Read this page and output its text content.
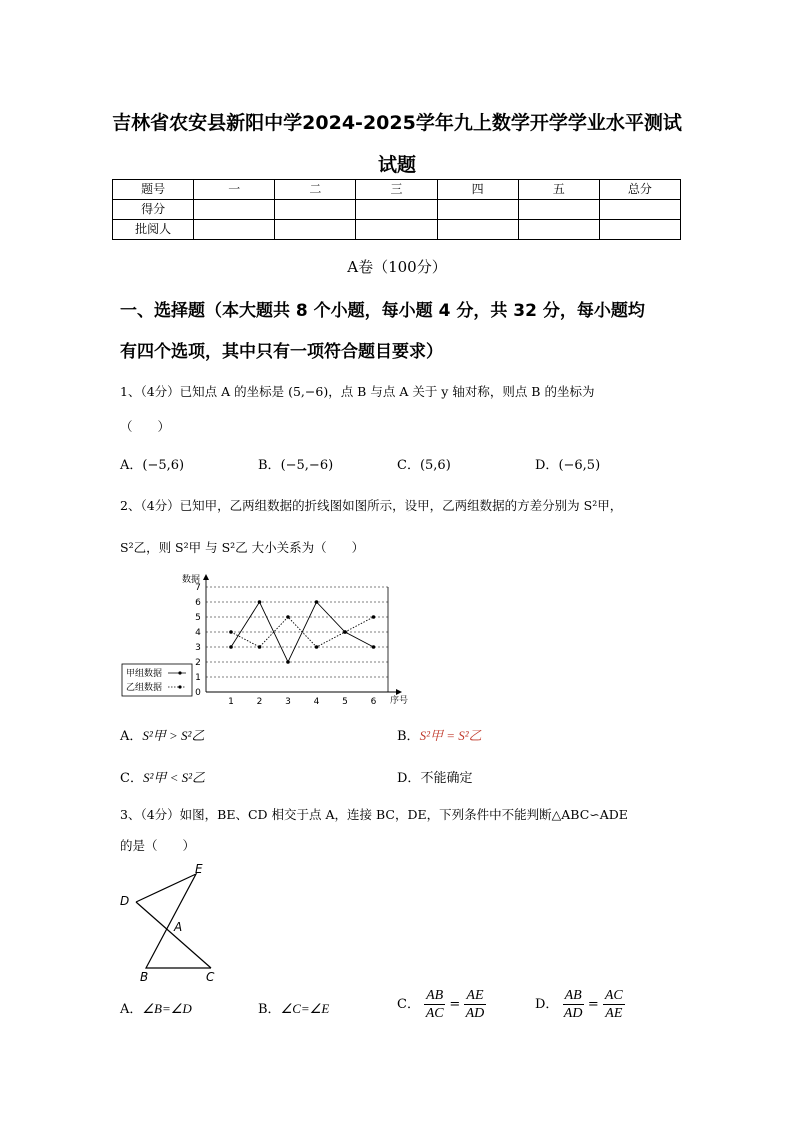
吉林省农安县新阳中学2024-2025学年九上数学开学学业水平测试
试题
题号	一	二	三	四	五	总分
得分						
批阅人						
A卷（100分）
一、选择题（本大题共 8 个小题，每小题 4 分，共 32 分，每小题均
有四个选项，其中只有一项符合题目要求）
1、（4分）已知点 A 的坐标是 (5,−6)，点 B 与点 A 关于 y 轴对称，则点 B 的坐标为
（　　）
A．(−5,6)	B．(−5,−6)	C．(5,6)	D．(−6,5)
2、（4分）已知甲，乙两组数据的折线图如图所示，设甲，乙两组数据的方差分别为 S²甲，
S²乙，则 S²甲 与 S²乙 大小关系为（　　）
数据
序号
0
1
2
3
4
5
6
7
1	2	3	4	5	6
甲组数据
乙组数据
A．S²甲 > S²乙	B．S²甲 = S²乙
C．S²甲 < S²乙	D．不能确定
3、（4分）如图，BE、CD 相交于点 A，连接 BC，DE，下列条件中不能判断△ABC∽ADE
的是（　　）
D
E
A
B	C
A．∠B=∠D	B．∠C=∠E	C． $\frac{AB}{AC} = \frac{AE}{AD}$	D． $\frac{AB}{AD} = \frac{AC}{AE}$
